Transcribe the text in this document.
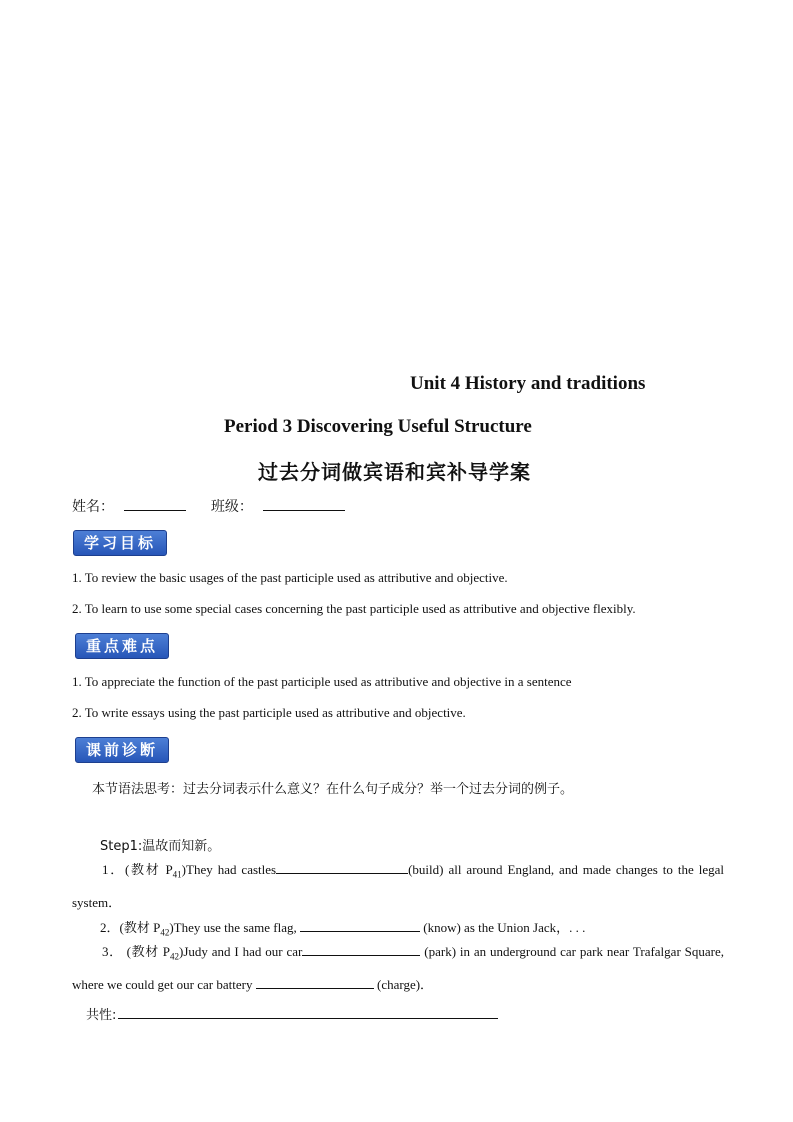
Unit 4 History and traditions
Period 3 Discovering Useful Structure
过去分词做宾语和宾补导学案
姓名：	班级：
学习目标
1. To review the basic usages of the past participle used as attributive and objective.
2. To learn to use some special cases concerning the past participle used as attributive and objective flexibly.
重点难点
1. To appreciate the function of the past participle used as attributive and objective in a sentence
2. To write essays using the past participle used as attributive and objective.
课前诊断
本节语法思考：过去分词表示什么意义？在什么句子成分？举一个过去分词的例子。
Step1:温故而知新。
1．(教材 $P_{41})They$ had castles	(build) all around England, and made changes to the legal system．
2．(教材 $P_{42})They$ use the same flag,	(know) as the Union Jack，. . .
3． (教材 $P_{42})Judy$ and I had our car	(park) in an underground car park near Trafalgar Square, where we could get our car battery	(charge)．
共性:
